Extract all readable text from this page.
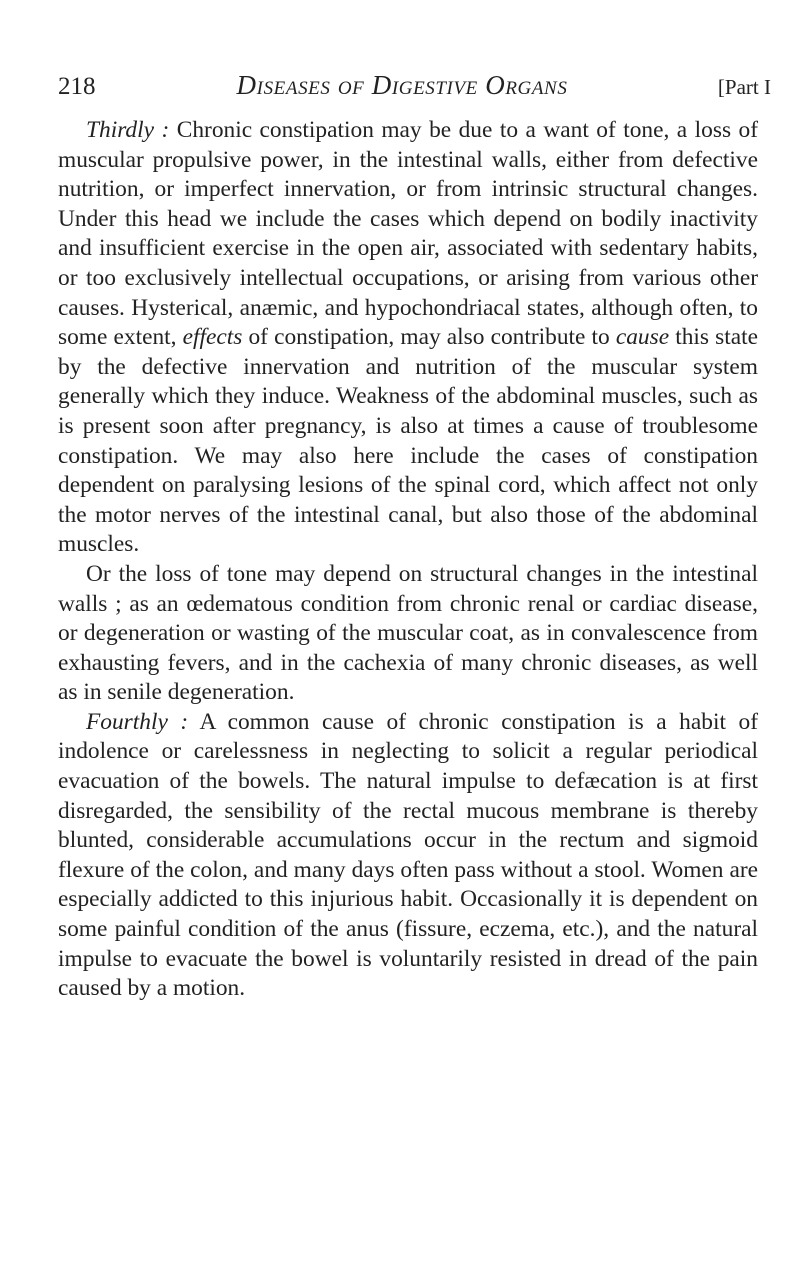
218	Diseases of Digestive Organs	[Part I

Thirdly : Chronic constipation may be due to a want of tone, a loss of muscular propulsive power, in the intestinal walls, either from defective nutrition, or imperfect innervation, or from intrinsic structural changes. Under this head we include the cases which depend on bodily inactivity and insufficient exercise in the open air, associated with sedentary habits, or too exclusively intellectual occupations, or arising from various other causes. Hysterical, anæmic, and hypochondriacal states, although often, to some extent, effects of constipation, may also contribute to cause this state by the defective innervation and nutrition of the muscular system generally which they induce. Weakness of the abdominal muscles, such as is present soon after pregnancy, is also at times a cause of troublesome constipation. We may also here include the cases of constipation dependent on paralysing lesions of the spinal cord, which affect not only the motor nerves of the intestinal canal, but also those of the abdominal muscles.

Or the loss of tone may depend on structural changes in the intestinal walls ; as an œdematous condition from chronic renal or cardiac disease, or degeneration or wasting of the muscular coat, as in convalescence from exhausting fevers, and in the cachexia of many chronic diseases, as well as in senile degeneration.

Fourthly : A common cause of chronic constipation is a habit of indolence or carelessness in neglecting to solicit a regular periodical evacuation of the bowels. The natural impulse to defæcation is at first disregarded, the sensibility of the rectal mucous membrane is thereby blunted, considerable accumulations occur in the rectum and sigmoid flexure of the colon, and many days often pass without a stool. Women are especially addicted to this injurious habit. Occasionally it is dependent on some painful condition of the anus (fissure, eczema, etc.), and the natural impulse to evacuate the bowel is voluntarily resisted in dread of the pain caused by a motion.
